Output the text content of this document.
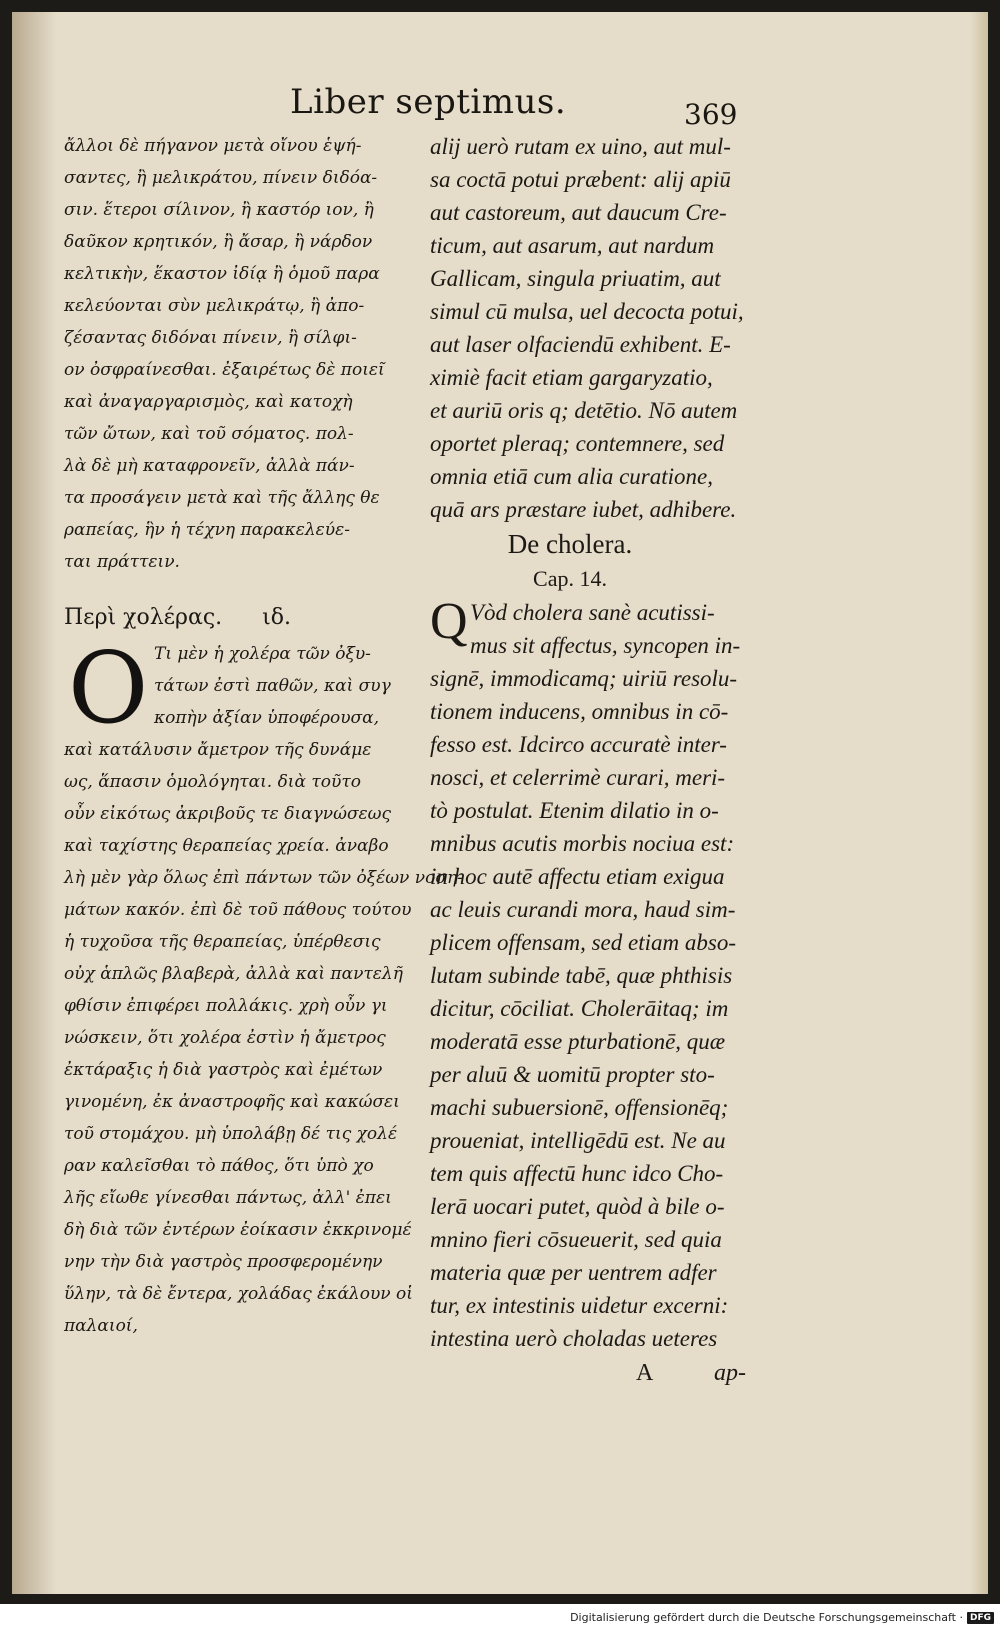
Liber septimus.	369
ἄλλοι δὲ πήγανον μετὰ οἴνου ἑψή-
σαντες, ἢ μελικράτου, πίνειν διδόα-
σιν. ἕτεροι σίλινον, ἢ καστόρ ιον, ἢ
δαῦκον κρητικόν, ἢ ἄσαρ, ἢ νάρδον
κελτικὴν, ἕκαστον ἰδίᾳ ἢ ὁμοῦ παρα
κελεύονται σὺν μελικράτῳ, ἢ ἀπο-
ζέσαντας διδόναι πίνειν, ἢ σίλφι-
ον ὀσφραίνεσθαι. ἐξαιρέτως δὲ ποιεῖ
καὶ ἀναγαργαρισμὸς, καὶ κατοχὴ
τῶν ὤτων, καὶ τοῦ σόματος. πολ-
λὰ δὲ μὴ καταφρονεῖν, ἀλλὰ πάν-
τα προσάγειν μετὰ καὶ τῆς ἄλλης θε
ραπείας, ἣν ἡ τέχνη παρακελεύε-
ται πράττειν.
Περὶ χολέρας. ιδ.
O Τι μὲν ἡ χολέρα τῶν ὀξυ-
τάτων ἐστὶ παθῶν, καὶ συγ
κοπὴν ἀξίαν ὑποφέρουσα,
καὶ κατάλυσιν ἄμετρον τῆς δυνάμε
ως, ἅπασιν ὁμολόγηται. διὰ τοῦτο
οὖν εἰκότως ἀκριβοῦς τε διαγνώσεως
καὶ ταχίστης θεραπείας χρεία. ἀναβο
λὴ μὲν γὰρ ὅλως ἐπὶ πάντων τῶν ὀξέων νοση-
μάτων κακόν. ἐπὶ δὲ τοῦ πάθους τούτου
ἡ τυχοῦσα τῆς θεραπείας, ὑπέρθεσις
οὐχ ἁπλῶς βλαβερὰ, ἀλλὰ καὶ παντελῆ
φθίσιν ἐπιφέρει πολλάκις. χρὴ οὖν γι
νώσκειν, ὅτι χολέρα ἐστὶν ἡ ἄμετρος
ἐκτάραξις ἡ διὰ γαστρὸς καὶ ἐμέτων
γινομένη, ἐκ ἀναστροφῆς καὶ κακώσει
τοῦ στομάχου. μὴ ὑπολάβῃ δέ τις χολέ
ραν καλεῖσθαι τὸ πάθος, ὅτι ὑπὸ χο
λῆς εἴωθε γίνεσθαι πάντως, ἀλλ' ἐπει
δὴ διὰ τῶν ἐντέρων ἐοίκασιν ἐκκρινομέ
νην τὴν διὰ γαστρὸς προσφερομένην
ὕλην, τὰ δὲ ἔντερα, χολάδας ἐκάλουν οἱ
παλαιοί,
alij uerò rutam ex uino, aut mul-
sa coctā potui præbent: alij apiū
aut castoreum, aut daucum Cre-
ticum, aut asarum, aut nardum
Gallicam, singula priuatim, aut
simul cū mulsa, uel decocta potui,
aut laser olfaciendū exhibent. E-
ximiè facit etiam gargaryzatio,
et auriū oris q; detētio. Nō autem
oportet pleraq; contemnere, sed
omnia etiā cum alia curatione,
quā ars præstare iubet, adhibere.
De cholera.
Cap. 14.
Q Vòd cholera sanè acutissi-
mus sit affectus, syncopen in-
signē, immodicamq; uiriū resolu-
tionem inducens, omnibus in cō-
fesso est. Idcirco accuratè inter-
nosci, et celerrimè curari, meri-
tò postulat. Etenim dilatio in o-
mnibus acutis morbis nociua est:
in hoc autē affectu etiam exigua
ac leuis curandi mora, haud sim-
plicem offensam, sed etiam abso-
lutam subinde tabē, quæ phthisis
dicitur, cōciliat. Cholerāitaq; im
moderatā esse pturbationē, quæ
per aluū & uomitū propter sto-
machi subuersionē, offensionēq;
proueniat, intelligēdū est. Ne au
tem quis affectū hunc idco Cho-
lerā uocari putet, quòd à bile o-
mnino fieri cōsueuerit, sed quia
materia quæ per uentrem adfer
tur, ex intestinis uidetur excerni:
intestina uerò choladas ueteres
A	ap-
Digitalisierung gefördert durch die Deutsche Forschungsgemeinschaft · DFG
